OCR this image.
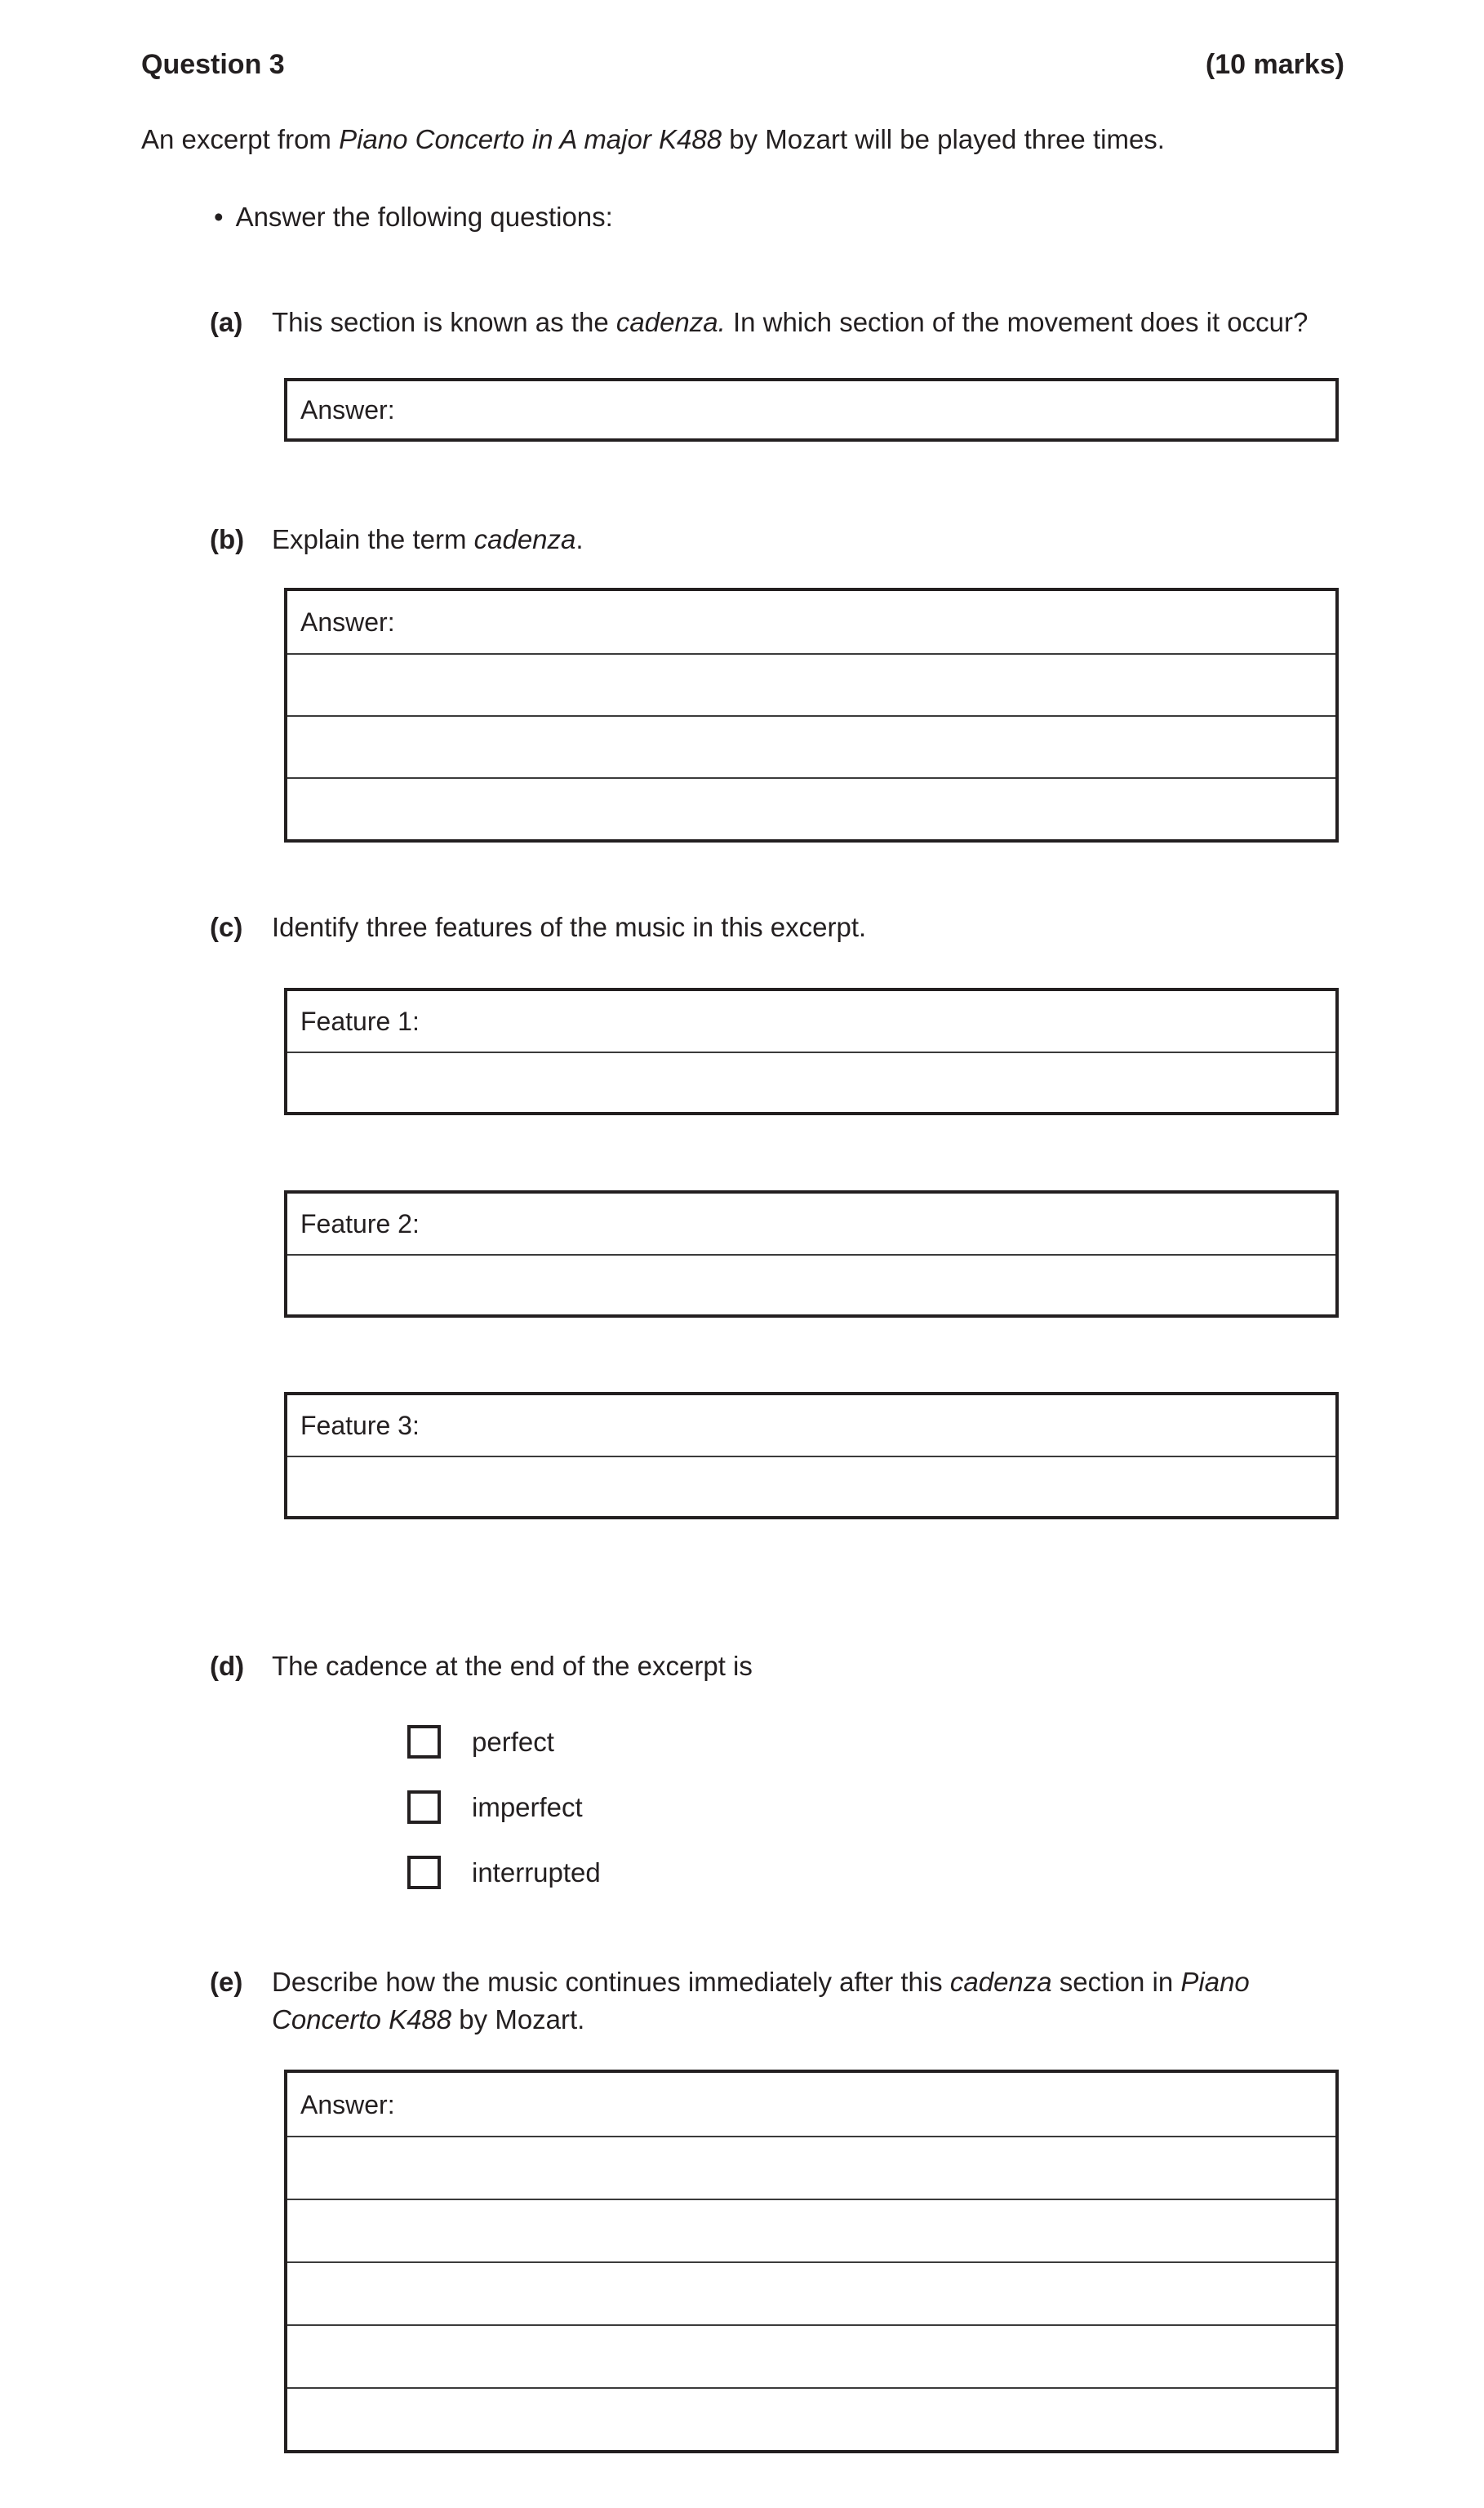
Question 3	(10 marks)
An excerpt from Piano Concerto in A major K488 by Mozart will be played three times.
• Answer the following questions:
(a) This section is known as the cadenza. In which section of the movement does it occur?
Answer:
(b) Explain the term cadenza.
Answer:
(c) Identify three features of the music in this excerpt.
Feature 1:
Feature 2:
Feature 3:
(d) The cadence at the end of the excerpt is
perfect
imperfect
interrupted
(e) Describe how the music continues immediately after this cadenza section in Piano
Concerto K488 by Mozart.
Answer:
